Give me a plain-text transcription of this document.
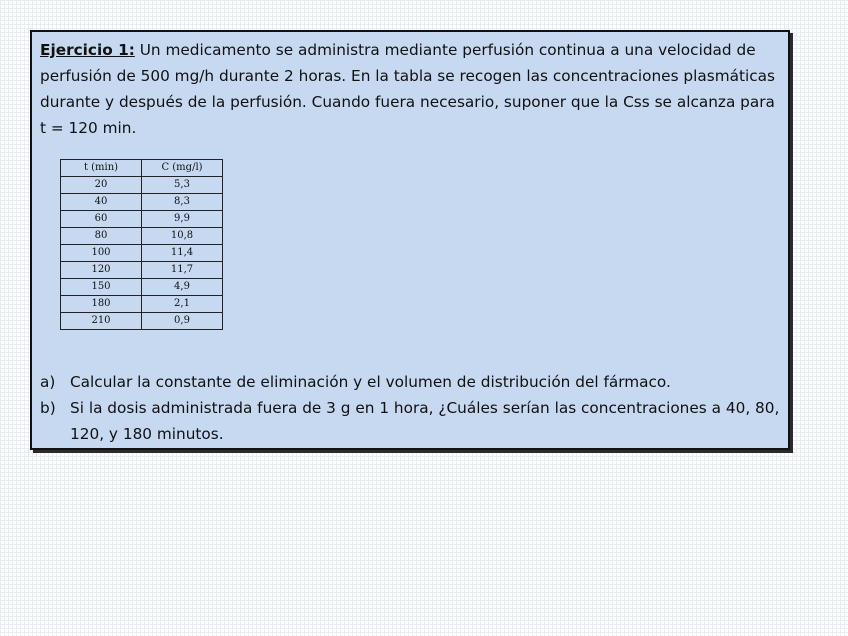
Ejercicio 1: Un medicamento se administra mediante perfusión continua a una velocidad de perfusión de 500 mg/h durante 2 horas. En la tabla se recogen las concentraciones plasmáticas durante y después de la perfusión. Cuando fuera necesario, suponer que la Css se alcanza para t = 120 min.

t (min)	C (mg/l)
20	5,3
40	8,3
60	9,9
80	10,8
100	11,4
120	11,7
150	4,9
180	2,1
210	0,9
a) Calcular la constante de eliminación y el volumen de distribución del fármaco.
b) Si la dosis administrada fuera de 3 g en 1 hora, ¿Cuáles serían las concentraciones a 40, 80, 120, y 180 minutos.
